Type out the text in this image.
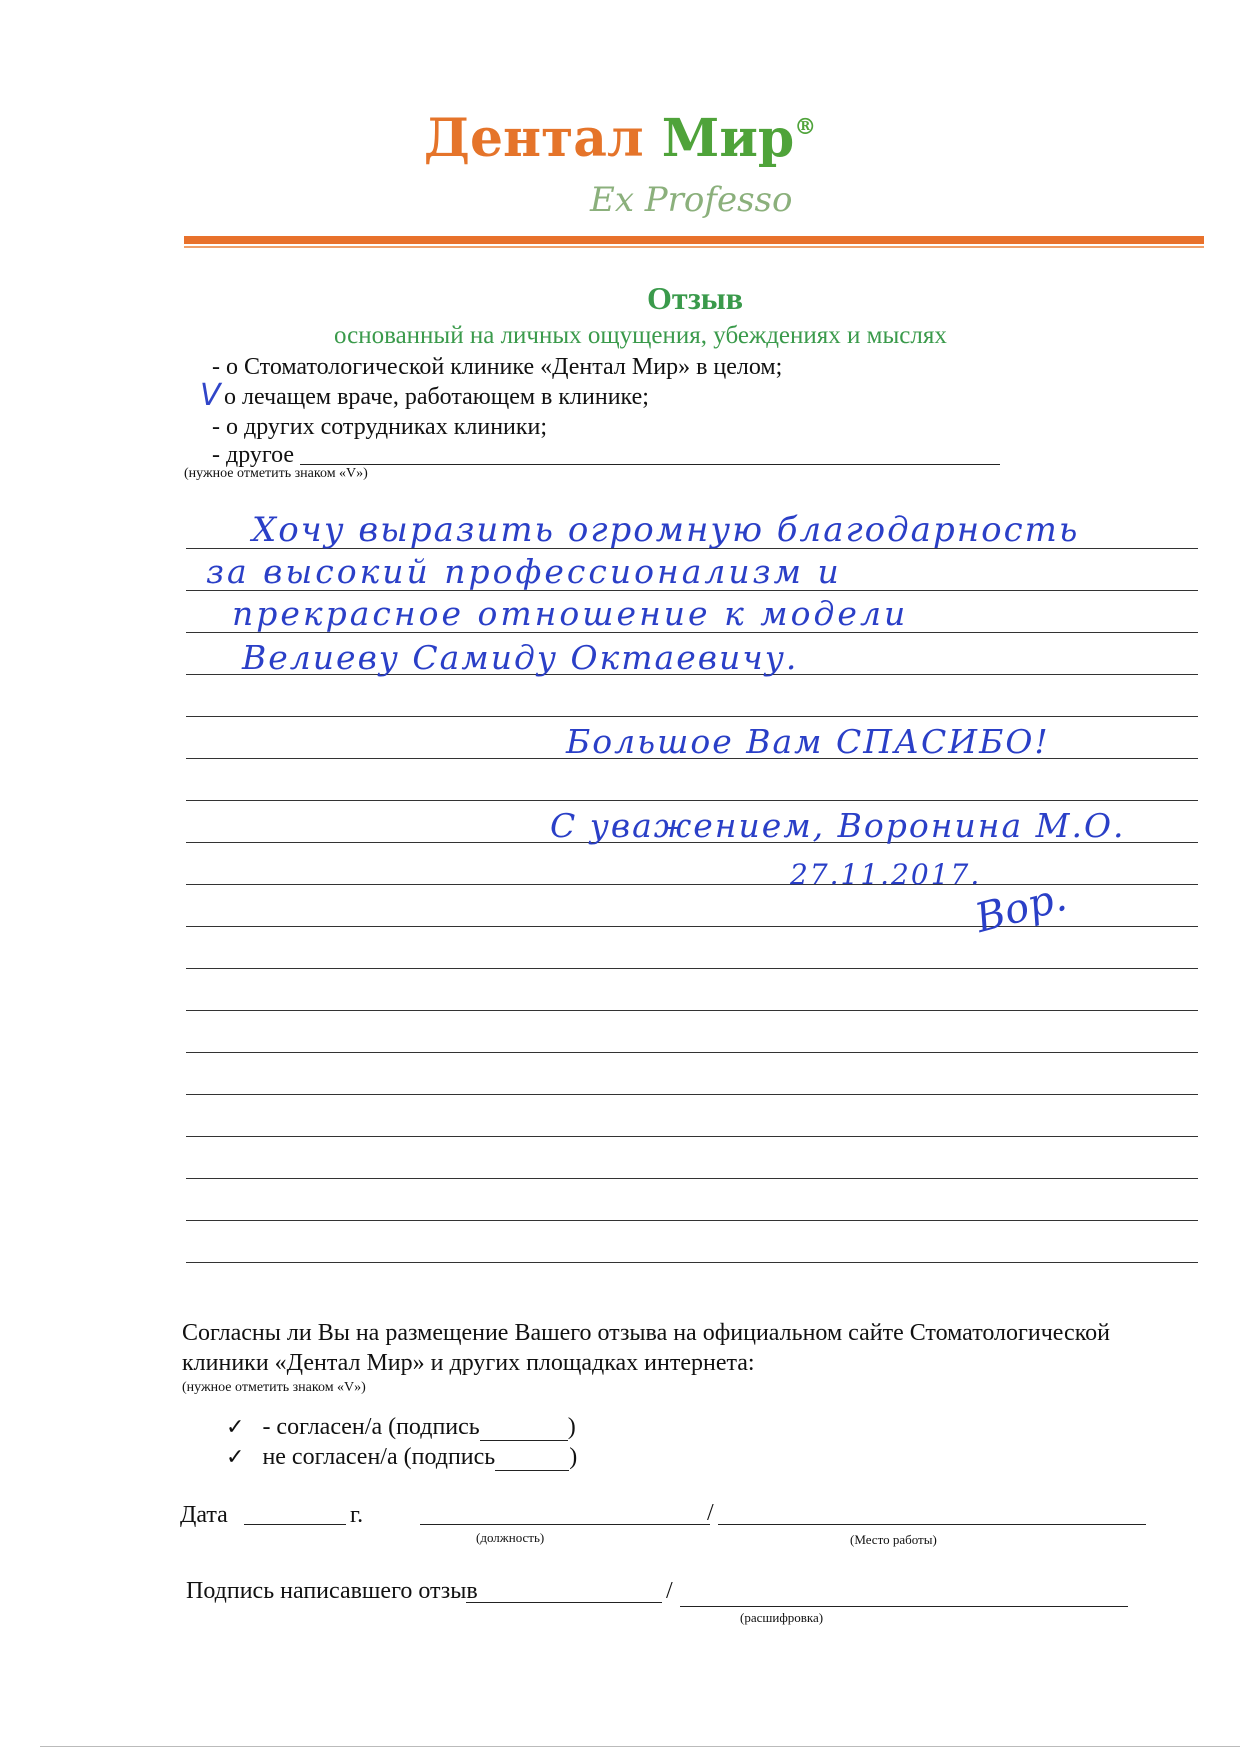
Дентал Мир®
Ex Professo
Отзыв
основанный на личных ощущения, убеждениях и мыслях
- о Стоматологической клинике «Дентал Мир» в целом;
V о лечащем враче, работающем в клинике;
- о других сотрудниках клиники;
- другое
(нужное отметить знаком «V»)
Хочу выразить огромную благодарность
за высокий профессионализм и
прекрасное отношение к модели
Велиеву Самиду Октаевичу.
Большое Вам СПАСИБО!
С уважением, Воронина М.О.
27.11.2017.
Вор.
Согласны ли Вы на размещение Вашего отзыва на официальном сайте Стоматологической
клиники «Дентал Мир» и других площадках интернета:
(нужное отметить знаком «V»)
✓ - согласен/а (подпись	)
✓ не согласен/а (подпись	)
Дата	г.	/
(должность)	(Место работы)
Подпись написавшего отзыв	/
(расшифровка)
